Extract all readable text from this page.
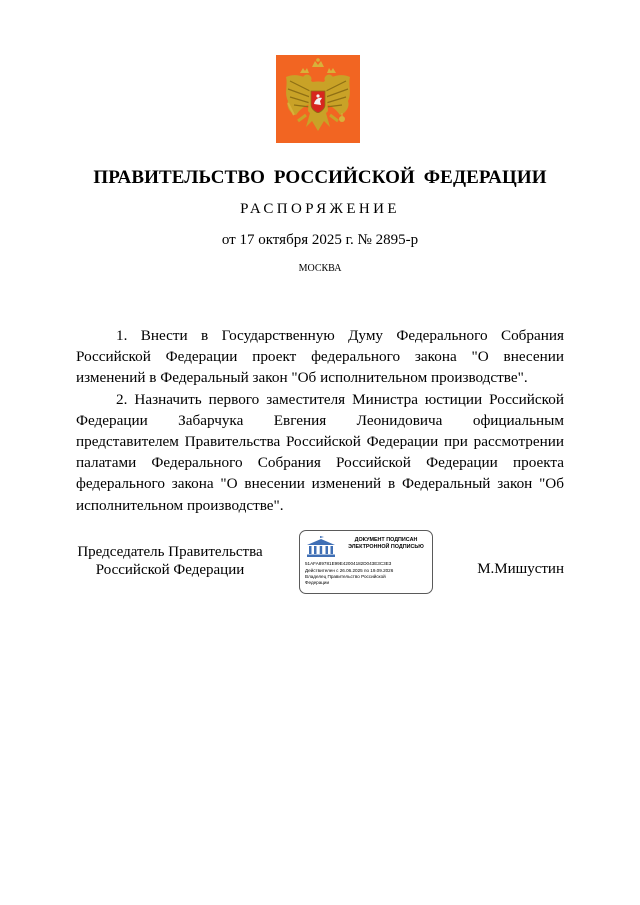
ПРАВИТЕЛЬСТВО РОССИЙСКОЙ ФЕДЕРАЦИИ
РАСПОРЯЖЕНИЕ
от 17 октября 2025 г. № 2895-р
МОСКВА

1. Внести в Государственную Думу Федерального Собрания Российской Федерации проект федерального закона "О внесении изменений в Федеральный закон "Об исполнительном производстве".

2. Назначить первого заместителя Министра юстиции Российской Федерации Забарчука Евгения Леонидовича официальным представителем Правительства Российской Федерации при рассмотрении палатами Федерального Собрания Российской Федерации проекта федерального закона "О внесении изменений в Федеральный закон "Об исполнительном производстве".

Председатель Правительства
Российской Федерации
ДОКУМЕНТ ПОДПИСАН
ЭЛЕКТРОННОЙ ПОДПИСЬЮ
51AFA89781E99E42004182D043E3C3E3
Действителен с 26.06.2025 по 19.09.2026
Владелец Правительство Российской
Федерации
М.Мишустин
